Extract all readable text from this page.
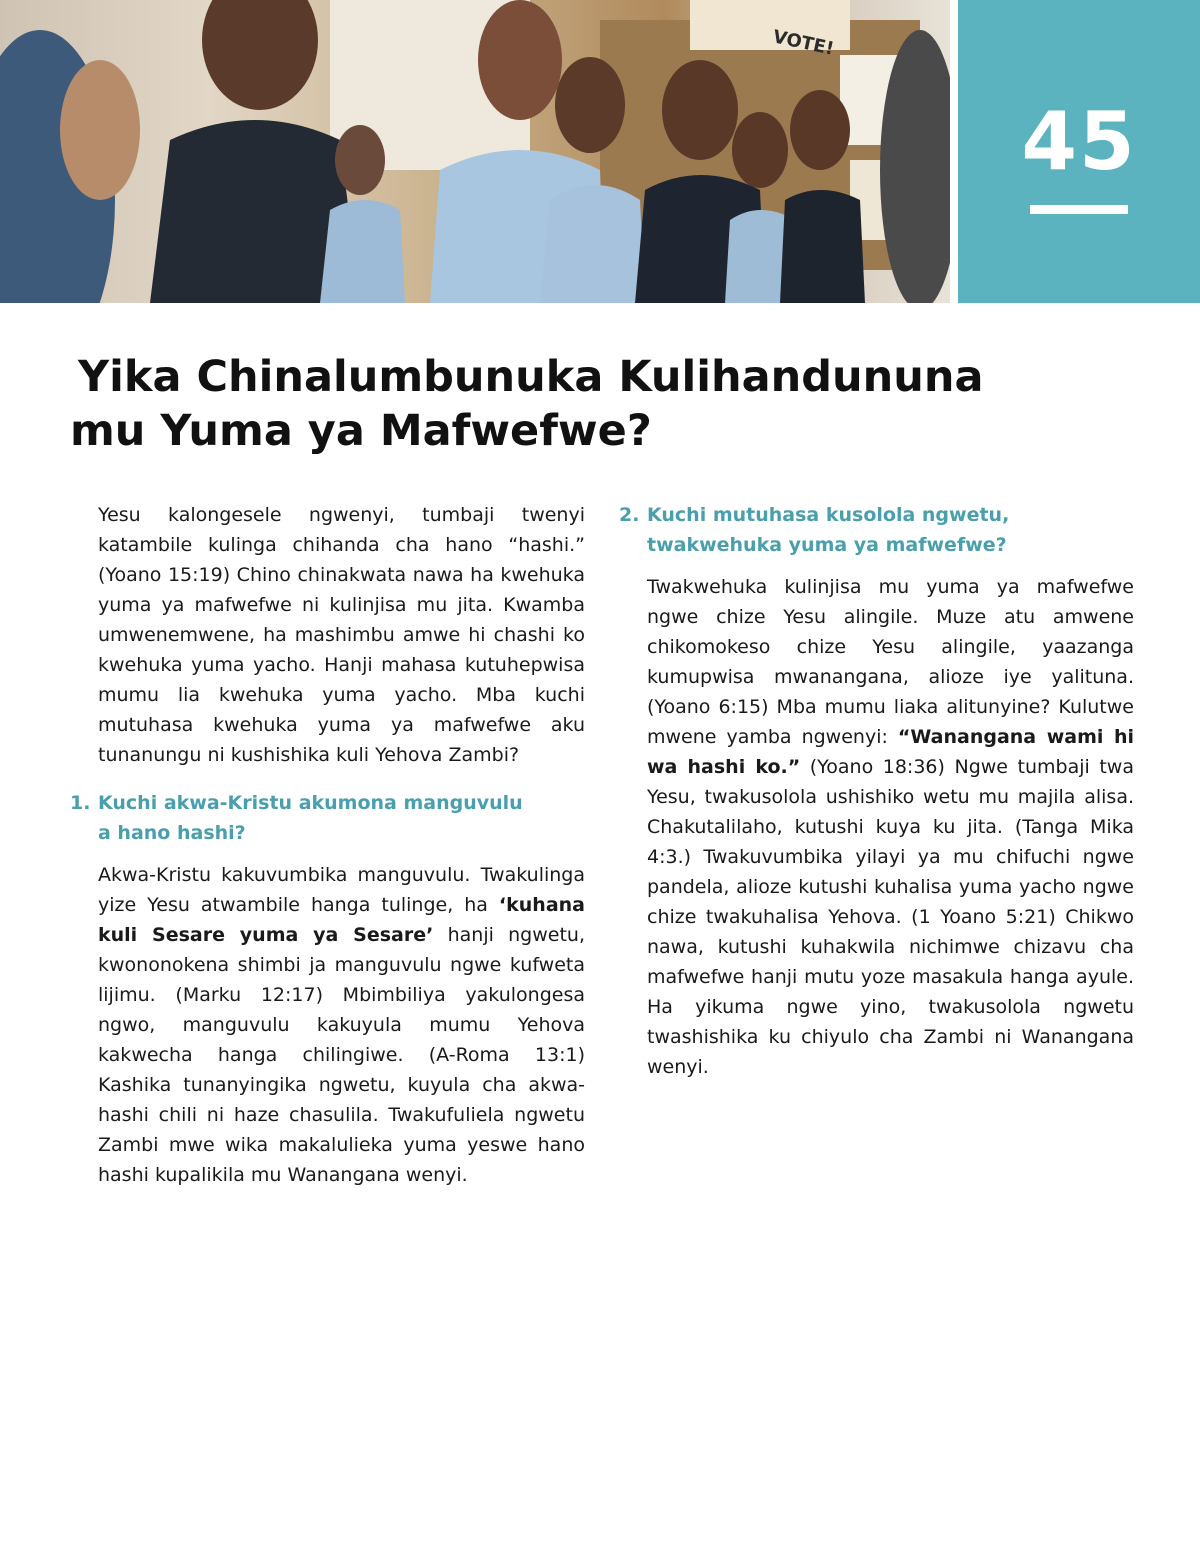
VOTE!
45
Yika Chinalumbunuka Kulihandununa
mu Yuma ya Mafwefwe?

Yesu kalongesele ngwenyi, tumbaji twenyi katambile kulinga chihanda cha hano “hashi.” (Yoano 15:19) Chino chinakwata nawa ha kwehuka yuma ya mafwefwe ni kulinjisa mu jita. Kwamba umwenemwene, ha mashimbu amwe hi chashi ko kwehuka yuma yacho. Hanji mahasa kutuhepwisa mumu lia kwehuka yuma yacho. Mba kuchi mutuhasa kwehuka yuma ya mafwefwe aku tunanungu ni kushishika kuli Yehova Zambi?

1. Kuchi akwa-Kristu akumona manguvulu
a hano hashi?

Akwa-Kristu kakuvumbika manguvulu. Twakulinga yize Yesu atwambile hanga tulinge, ha ‘kuhana kuli Sesare yuma ya Sesare’ hanji ngwetu, kwononokena shimbi ja manguvulu ngwe kufweta lijimu. (Marku 12:17) Mbimbiliya yakulongesa ngwo, manguvulu kakuyula mumu Yehova kakwecha hanga chilingiwe. (A-Roma 13:1) Kashika tunanyingika ngwetu, kuyula cha akwa-hashi chili ni haze chasulila. Twakufuliela ngwetu Zambi mwe wika makalulieka yuma yeswe hano hashi kupalikila mu Wanangana wenyi.

2. Kuchi mutuhasa kusolola ngwetu,
twakwehuka yuma ya mafwefwe?

Twakwehuka kulinjisa mu yuma ya mafwefwe ngwe chize Yesu alingile. Muze atu amwene chikomokeso chize Yesu alingile, yaazanga kumupwisa mwanangana, alioze iye yalituna. (Yoano 6:15) Mba mumu liaka alitunyine? Kulutwe mwene yamba ngwenyi: “Wanangana wami hi wa hashi ko.” (Yoano 18:36) Ngwe tumbaji twa Yesu, twakusolola ushishiko wetu mu majila alisa. Chakutalilaho, kutushi kuya ku jita. (Tanga Mika 4:3.) Twakuvumbika yilayi ya mu chifuchi ngwe pandela, alioze kutushi kuhalisa yuma yacho ngwe chize twakuhalisa Yehova. (1 Yoano 5:21) Chikwo nawa, kutushi kuhakwila nichimwe chizavu cha mafwefwe hanji mutu yoze masakula hanga ayule. Ha yikuma ngwe yino, twakusolola ngwetu twashishika ku chiyulo cha Zambi ni Wanangana wenyi.
